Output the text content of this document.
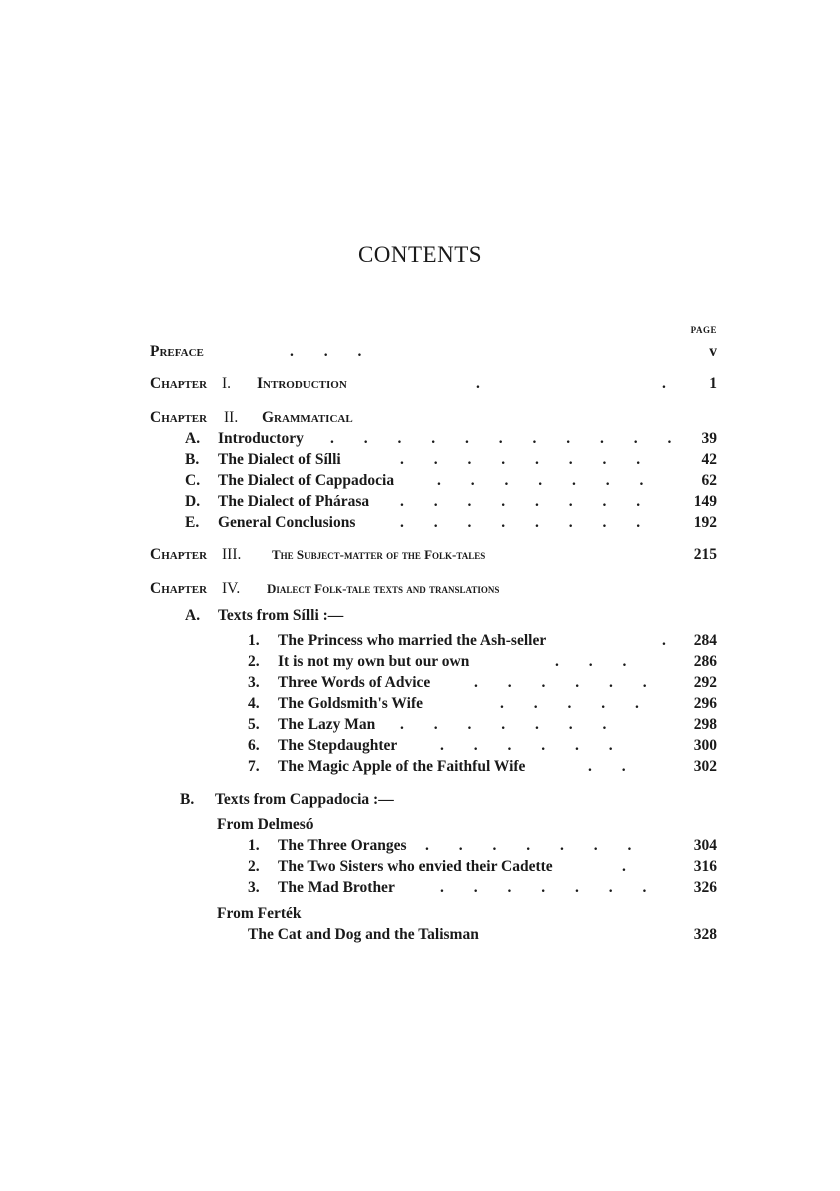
CONTENTS
PAGE
Preface	. . .	v
Chapter I. Introduction	.	.	1
Chapter II. Grammatical
A. Introductory . . . . . . . . . . . 39
B. The Dialect of Sílli	. . . . . . . .	42
C. The Dialect of Cappadocia	. . . . . . .	62
D. The Dialect of Phárasa . . . . . . . .	149
E. General Conclusions	. . . . . . . .	192
Chapter III. The Subject-matter of the Folk-tales	215
Chapter IV. Dialect Folk-tale texts and translations
A. Texts from Sílli :—
1. The Princess who married the Ash-seller	. 284
2. It is not my own but our own	. . .	286
3. Three Words of Advice	. . . . . . 292
4. The Goldsmith's Wife	. . . . .	296
5. The Lazy Man . . . . . . .	298
6. The Stepdaughter	. . . . . .	300
7. The Magic Apple of the Faithful Wife	. .	302
B. Texts from Cappadocia :—
From Delmesó
1. The Three Oranges . . . . . . .	304
2. The Two Sisters who envied their Cadette	.	316
3. The Mad Brother	. . . . . . . 326
From Ferték
The Cat and Dog and the Talisman	328
